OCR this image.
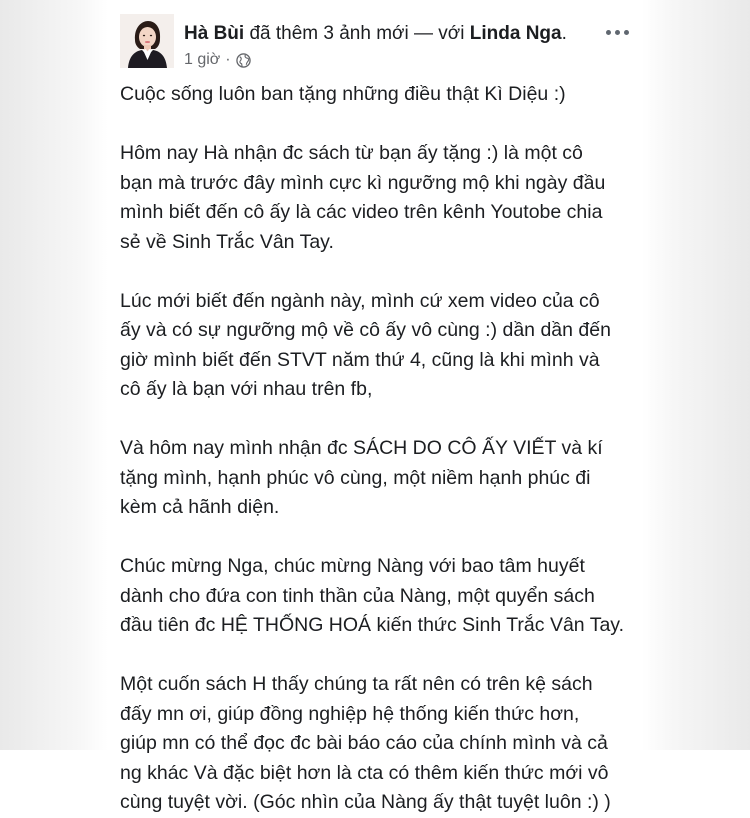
Hà Bùi đã thêm 3 ảnh mới — với Linda Nga.
1 giờ ·

Cuộc sống luôn ban tặng những điều thật Kì Diệu :)

Hôm nay Hà nhận đc sách từ bạn ấy tặng :) là một cô
bạn mà trước đây mình cực kì ngưỡng mộ khi ngày đầu
mình biết đến cô ấy là các video trên kênh Youtobe chia
sẻ về Sinh Trắc Vân Tay.

Lúc mới biết đến ngành này, mình cứ xem video của cô
ấy và có sự ngưỡng mộ về cô ấy vô cùng :) dần dần đến
giờ mình biết đến STVT năm thứ 4, cũng là khi mình và
cô ấy là bạn với nhau trên fb,

Và hôm nay mình nhận đc SÁCH DO CÔ ẤY VIẾT và kí
tặng mình, hạnh phúc vô cùng, một niềm hạnh phúc đi
kèm cả hãnh diện.

Chúc mừng Nga, chúc mừng Nàng với bao tâm huyết
dành cho đứa con tinh thần của Nàng, một quyển sách
đầu tiên đc HỆ THỐNG HOÁ kiến thức Sinh Trắc Vân Tay.

Một cuốn sách H thấy chúng ta rất nên có trên kệ sách
đấy mn ơi, giúp đồng nghiệp hệ thống kiến thức hơn,
giúp mn có thể đọc đc bài báo cáo của chính mình và cả
ng khác Và đặc biệt hơn là cta có thêm kiến thức mới vô
cùng tuyệt vời. (Góc nhìn của Nàng ấy thật tuyệt luôn :) )
